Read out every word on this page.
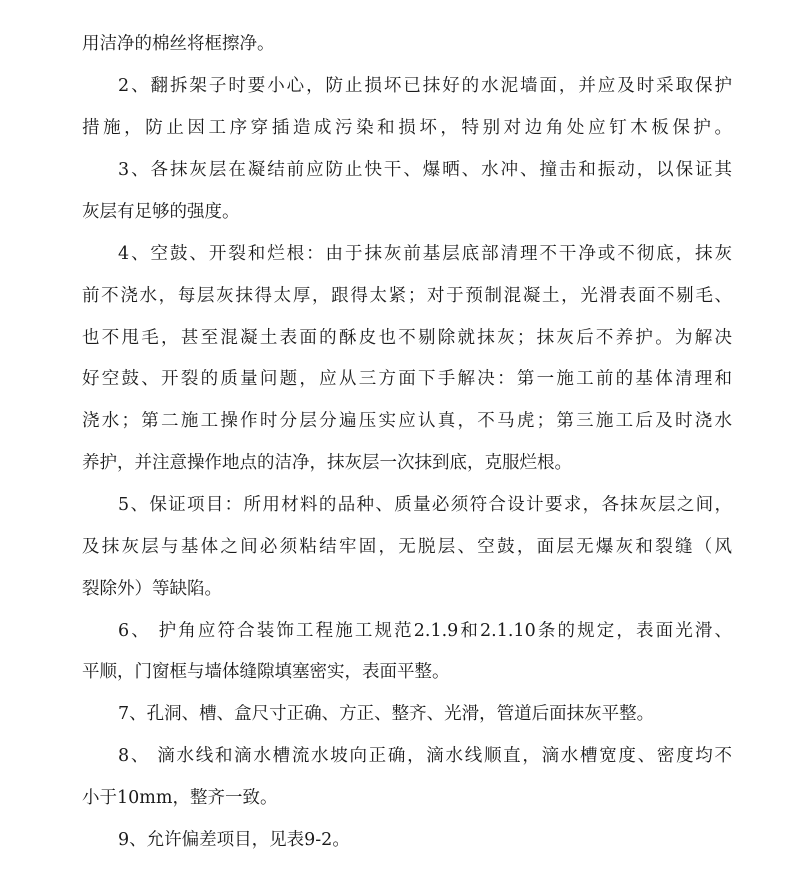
用洁净的棉丝将框擦净。
2、翻拆架子时要小心，防止损坏已抹好的水泥墙面，并应及时采取保护
措施，防止因工序穿插造成污染和损坏，特别对边角处应钉木板保护。
3、各抹灰层在凝结前应防止快干、爆晒、水冲、撞击和振动，以保证其
灰层有足够的强度。
4、空鼓、开裂和烂根：由于抹灰前基层底部清理不干净或不彻底，抹灰
前不浇水，每层灰抹得太厚，跟得太紧；对于预制混凝土，光滑表面不剔毛、
也不甩毛，甚至混凝土表面的酥皮也不剔除就抹灰；抹灰后不养护。为解决
好空鼓、开裂的质量问题，应从三方面下手解决：第一施工前的基体清理和
浇水；第二施工操作时分层分遍压实应认真，不马虎；第三施工后及时浇水
养护，并注意操作地点的洁净，抹灰层一次抹到底，克服烂根。
5、保证项目：所用材料的品种、质量必须符合设计要求，各抹灰层之间，
及抹灰层与基体之间必须粘结牢固，无脱层、空鼓，面层无爆灰和裂缝（风
裂除外）等缺陷。
6、 护角应符合装饰工程施工规范2.1.9和2.1.10条的规定，表面光滑、
平顺，门窗框与墙体缝隙填塞密实，表面平整。
7、孔洞、槽、盒尺寸正确、方正、整齐、光滑，管道后面抹灰平整。
8、 滴水线和滴水槽流水坡向正确，滴水线顺直，滴水槽宽度、密度均不
小于10mm，整齐一致。
9、允许偏差项目，见表9-2。
